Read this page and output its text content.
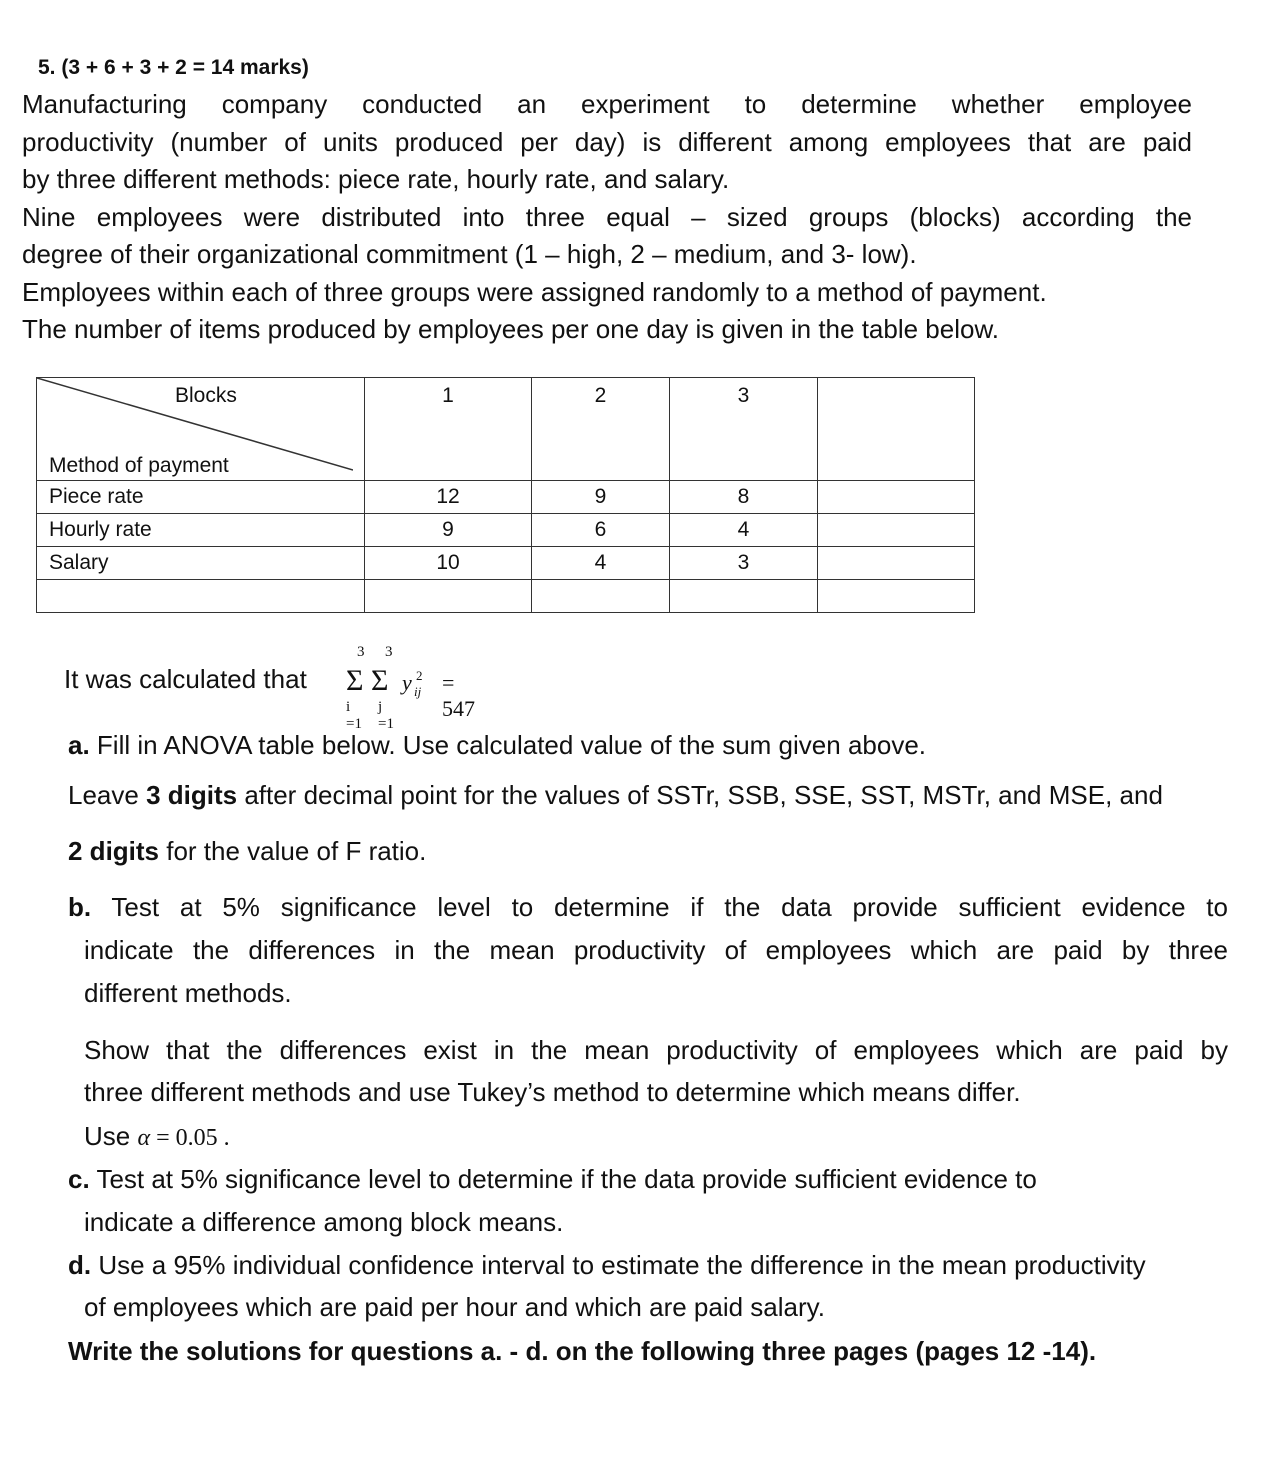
5. (3 + 6 + 3 + 2 = 14 marks)

Manufacturing company conducted an experiment to determine whether employee

productivity (number of units produced per day) is different among employees that are paid

by three different methods: piece rate, hourly rate, and salary.

Nine employees were distributed into three equal – sized groups (blocks) according the

degree of their organizational commitment (1 – high, 2 – medium, and 3- low).

Employees within each of three groups were assigned randomly to a method of payment.

The number of items produced by employees per one day is given in the table below.

Blocks
Method of payment	1	2	3	
Piece rate	12	9	8	
Hourly rate	9	6	4	
Salary	10	4	3	

It was calculated that
3 3
Σ Σ
i =1
j =1
y 2
ij = 547
a. Fill in ANOVA table below. Use calculated value of the sum given above.
Leave 3 digits after decimal point for the values of SSTr, SSB, SSE, SST, MSTr, and MSE, and
2 digits for the value of F ratio.
b. Test at 5% significance level to determine if the data provide sufficient evidence to
indicate the differences in the mean productivity of employees which are paid by three
different methods.
Show that the differences exist in the mean productivity of employees which are paid by
three different methods and use Tukey’s method to determine which means differ.
Use α = 0.05 .
c. Test at 5% significance level to determine if the data provide sufficient evidence to
indicate a difference among block means.
d. Use a 95% individual confidence interval to estimate the difference in the mean productivity
of employees which are paid per hour and which are paid salary.
Write the solutions for questions a. - d. on the following three pages (pages 12 -14).
